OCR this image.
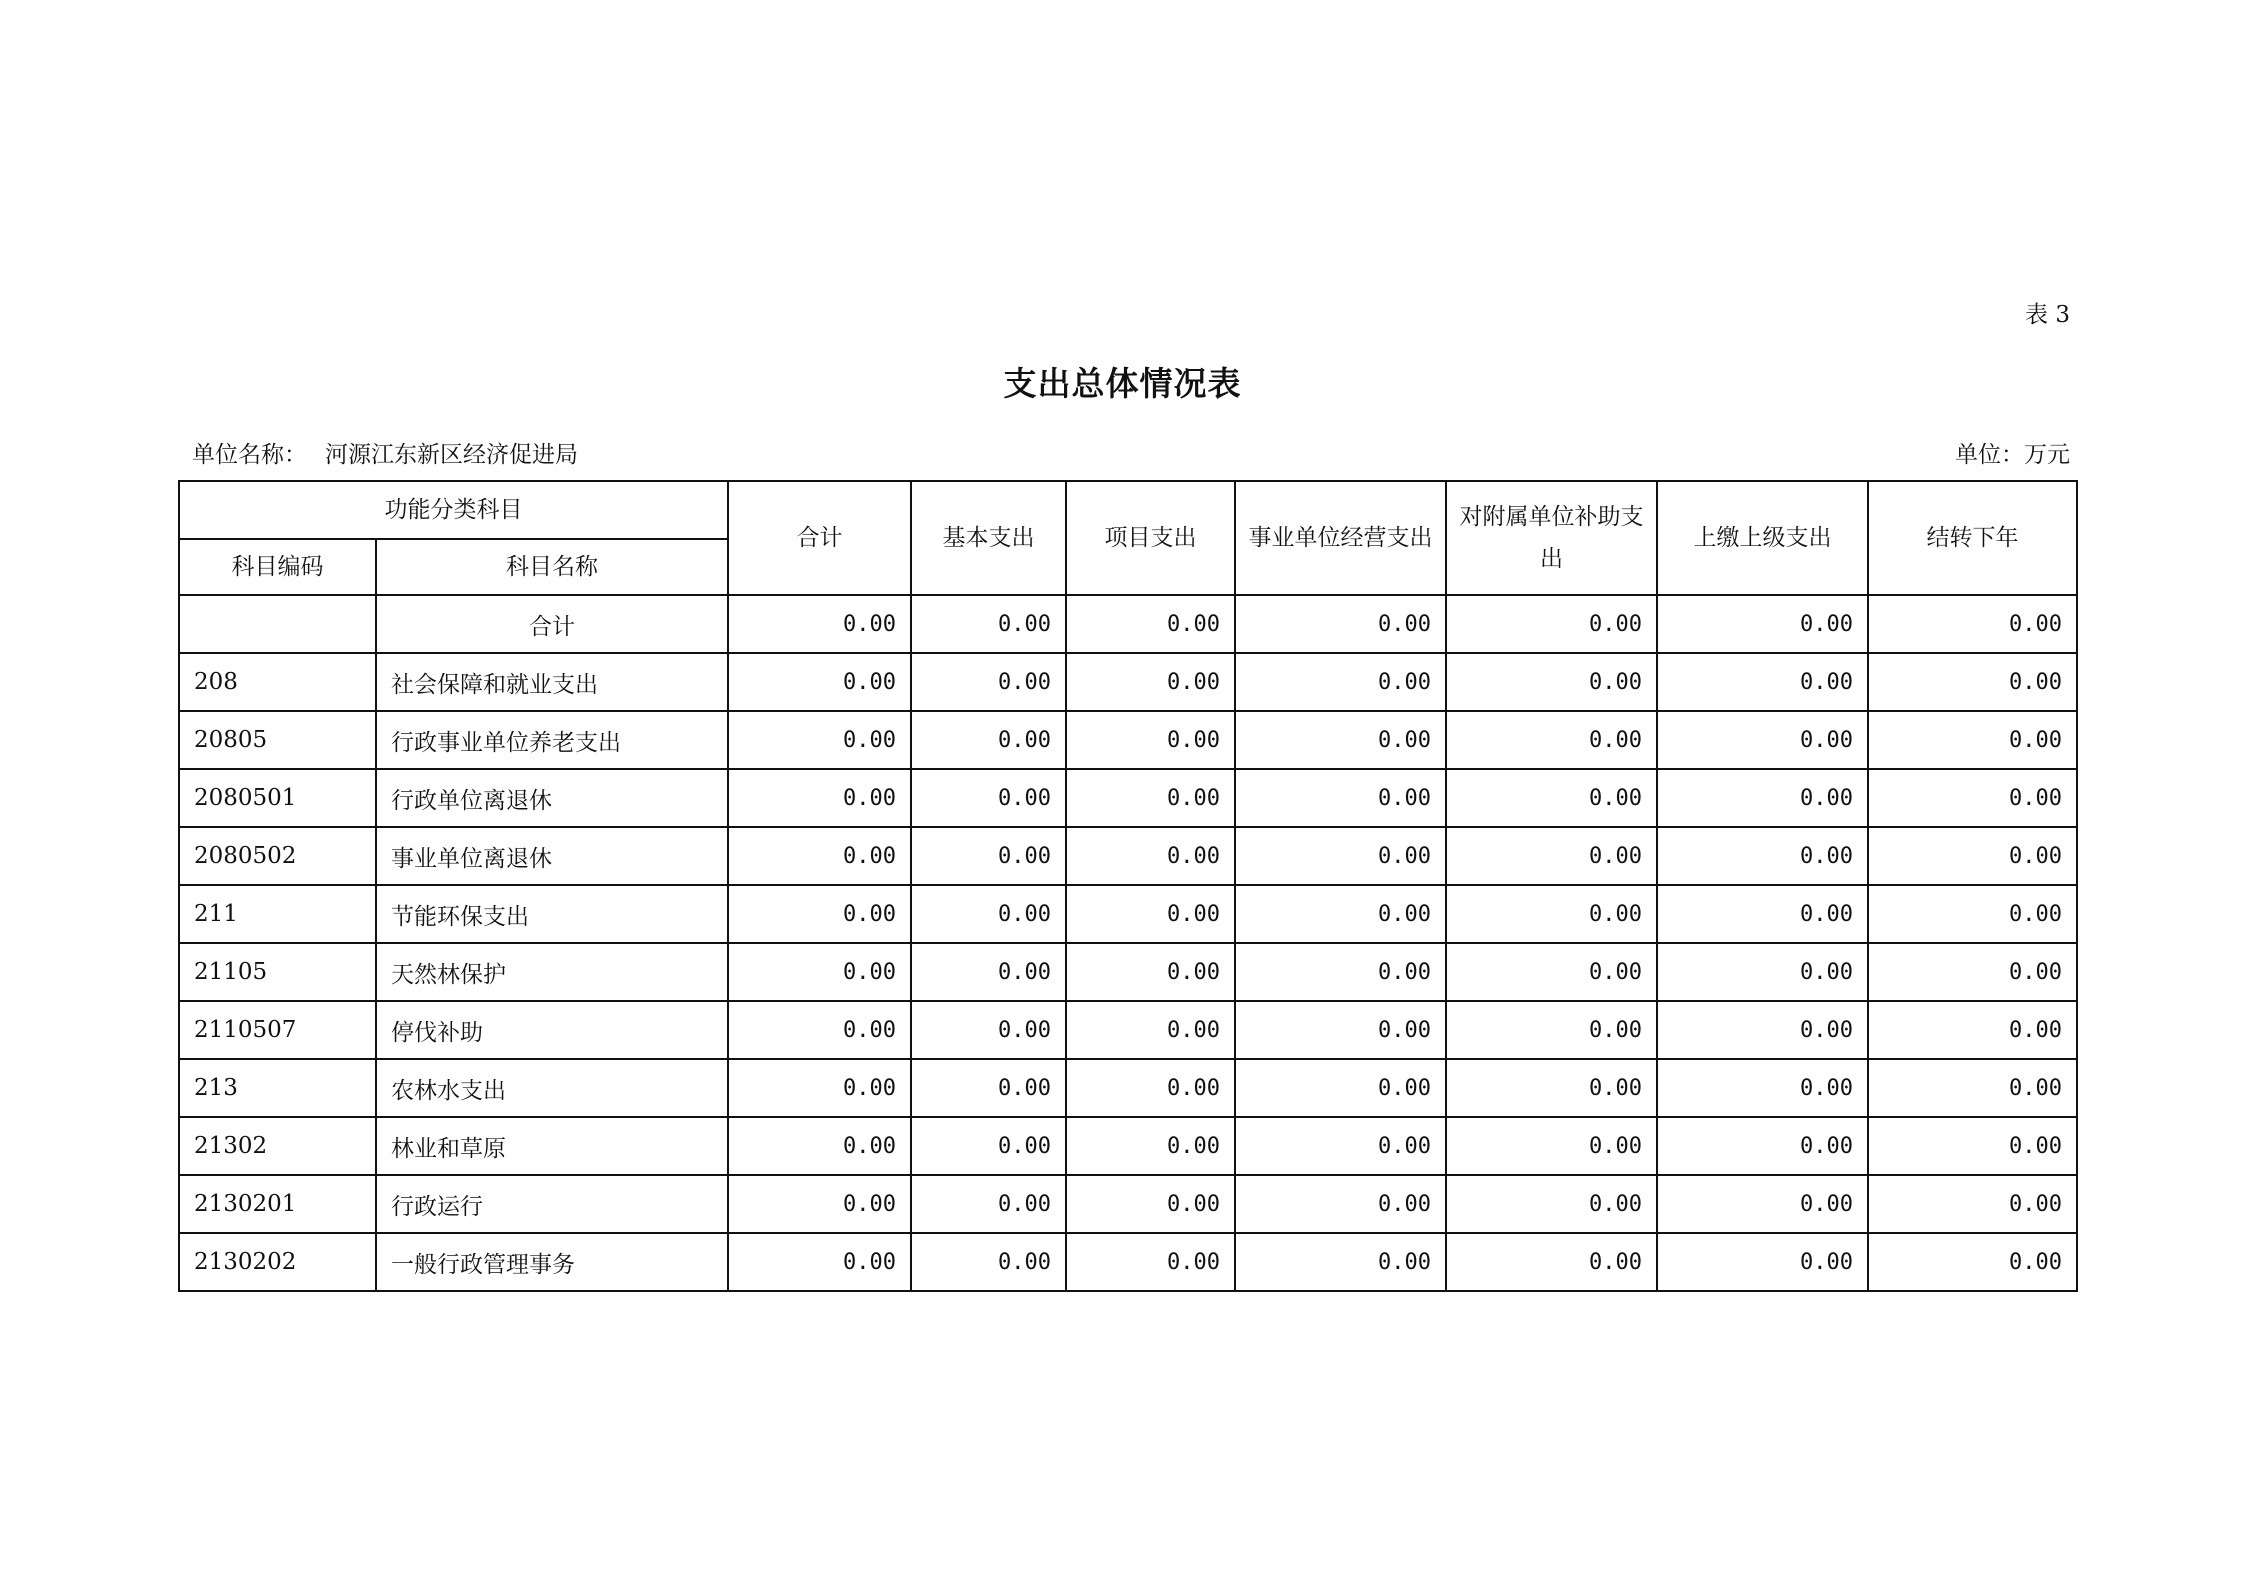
表 3
支出总体情况表
单位名称： 河源江东新区经济促进局	单位：万元
功能分类科目		合计	基本支出	项目支出	事业单位经营支出	对附属单位补助支出	上缴上级支出	结转下年
科目编码	科目名称							
	合计	0.00	0.00	0.00	0.00	0.00	0.00	0.00
208	社会保障和就业支出	0.00	0.00	0.00	0.00	0.00	0.00	0.00
20805	行政事业单位养老支出	0.00	0.00	0.00	0.00	0.00	0.00	0.00
2080501	行政单位离退休	0.00	0.00	0.00	0.00	0.00	0.00	0.00
2080502	事业单位离退休	0.00	0.00	0.00	0.00	0.00	0.00	0.00
211	节能环保支出	0.00	0.00	0.00	0.00	0.00	0.00	0.00
21105	天然林保护	0.00	0.00	0.00	0.00	0.00	0.00	0.00
2110507	停伐补助	0.00	0.00	0.00	0.00	0.00	0.00	0.00
213	农林水支出	0.00	0.00	0.00	0.00	0.00	0.00	0.00
21302	林业和草原	0.00	0.00	0.00	0.00	0.00	0.00	0.00
2130201	行政运行	0.00	0.00	0.00	0.00	0.00	0.00	0.00
2130202	一般行政管理事务	0.00	0.00	0.00	0.00	0.00	0.00	0.00
